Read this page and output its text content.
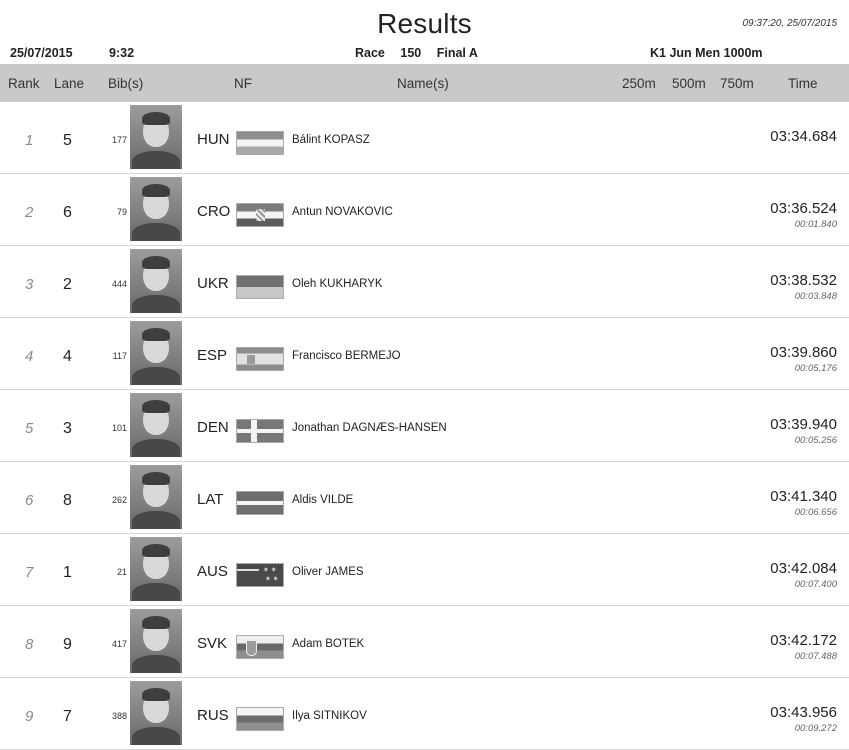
Results	09:37:20, 25/07/2015
25/07/2015	9:32	Race 150 Final A	K1 Jun Men 1000m
Rank Lane Bib(s)	NF	Name(s)	250m 500m 750m	Time
1 5	177	HUN	Bálint KOPASZ	03:34.684
2 6	79	CRO	Antun NOVAKOVIC	03:36.524
00:01.840
3 2	444	UKR	Oleh KUKHARYK	03:38.532
00:03.848
4 4	117	ESP	Francisco BERMEJO	03:39.860
00:05.176
5 3	101	DEN	Jonathan DAGNÆS-HANSEN	03:39.940
00:05.256
6 8	262	LAT	Aldis VILDE	03:41.340
00:06.656
7 1	21	AUS ✶ ✶ ✶ ✶	Oliver JAMES	03:42.084
00:07.400
8 9	417	SVK	Adam BOTEK	03:42.172
00:07.488
9 7	388	RUS	Ilya SITNIKOV	03:43.956
00:09.272
